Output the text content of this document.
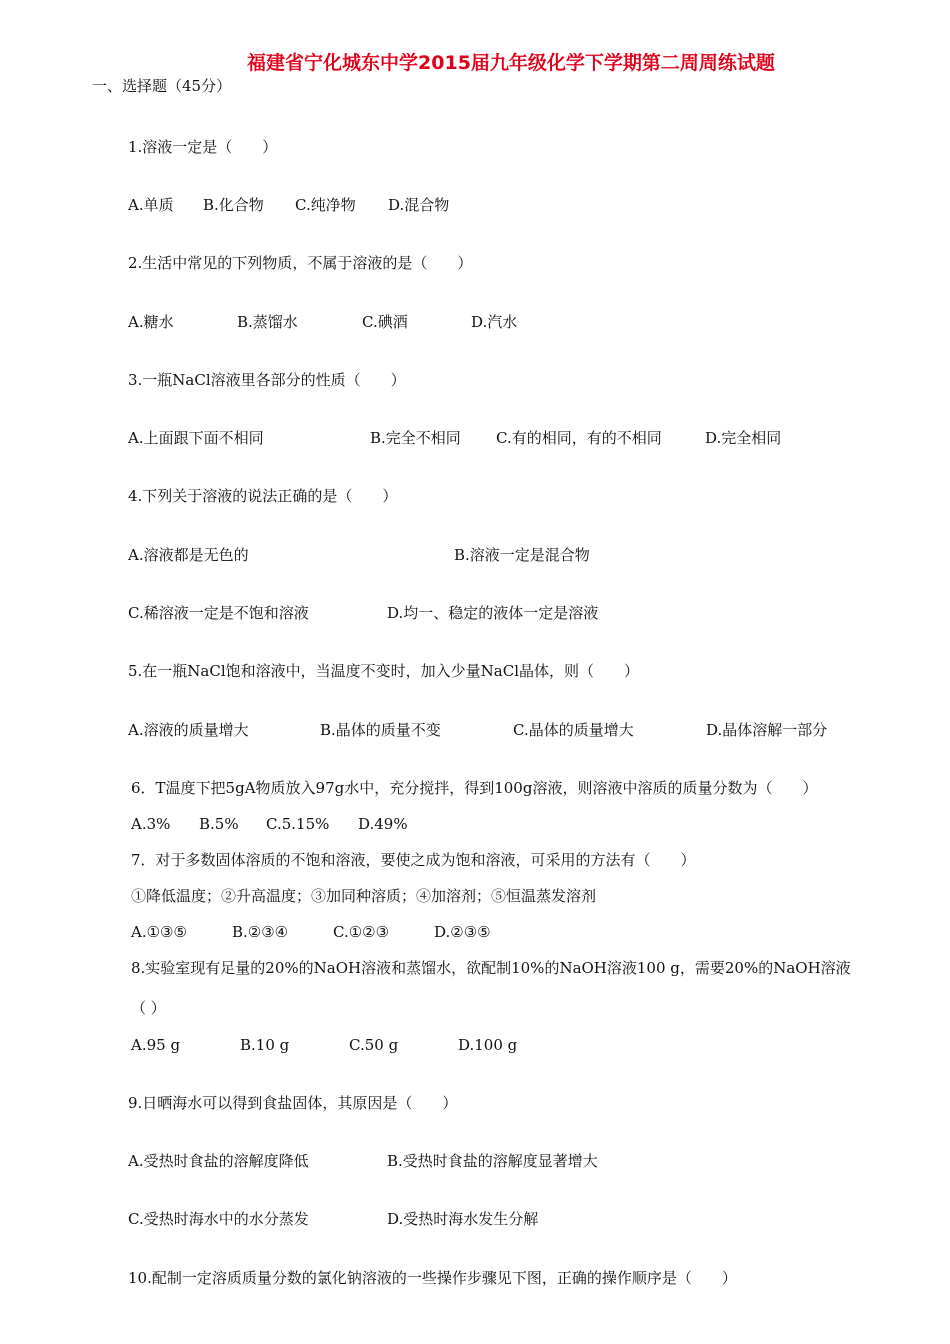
福建省宁化城东中学2015届九年级化学下学期第二周周练试题
一、选择题（45分）
1.溶液一定是（　　）
A.单质 B.化合物 C.纯净物 D.混合物
2.生活中常见的下列物质，不属于溶液的是（　　）
A.糖水	B.蒸馏水	C.碘酒	D.汽水
3.一瓶NaCl溶液里各部分的性质（　　）
A.上面跟下面不相同	B.完全不相同 C.有的相同，有的不相同	D.完全相同
4.下列关于溶液的说法正确的是（　　）
A.溶液都是无色的	B.溶液一定是混合物
C.稀溶液一定是不饱和溶液	D.均一、稳定的液体一定是溶液
5.在一瓶NaCl饱和溶液中，当温度不变时，加入少量NaCl晶体，则（　　）
A.溶液的质量增大	B.晶体的质量不变	C.晶体的质量增大	D.晶体溶解一部分
6．T温度下把5gA物质放入97g水中，充分搅拌，得到100g溶液，则溶液中溶质的质量分数为（　　）
A.3% B.5% C.5.15% D.49%
7．对于多数固体溶质的不饱和溶液，要使之成为饱和溶液，可采用的方法有（　　）
①降低温度；②升高温度；③加同种溶质；④加溶剂；⑤恒温蒸发溶剂
A.①③⑤	B.②③④	C.①②③	D.②③⑤
8.实验室现有足量的20%的NaOH溶液和蒸馏水，欲配制10%的NaOH溶液100 g，需要20%的NaOH溶液
（ ）
A.95 g	B.10 g	C.50 g	D.100 g
9.日晒海水可以得到食盐固体，其原因是（　　）
A.受热时食盐的溶解度降低	B.受热时食盐的溶解度显著增大
C.受热时海水中的水分蒸发	D.受热时海水发生分解
10.配制一定溶质质量分数的氯化钠溶液的一些操作步骤见下图，正确的操作顺序是（　　）
